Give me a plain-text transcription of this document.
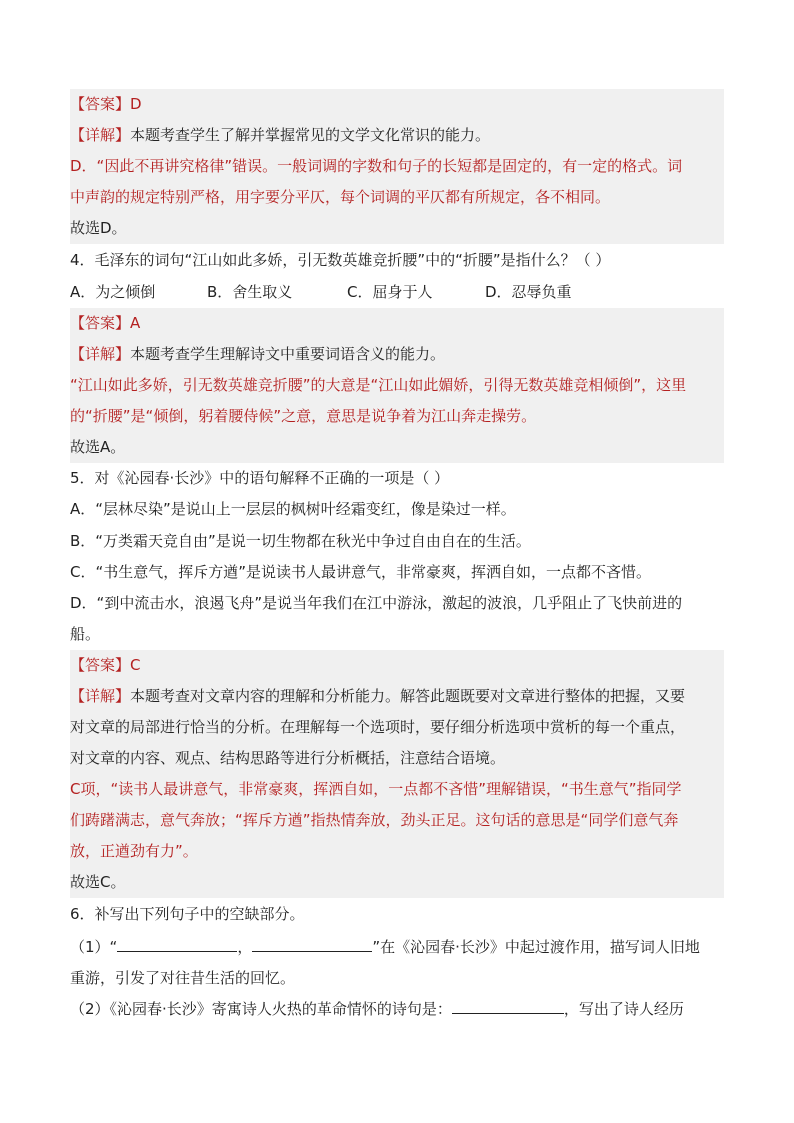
【答案】D
【详解】本题考查学生了解并掌握常见的文学文化常识的能力。
D．“因此不再讲究格律”错误。一般词调的字数和句子的长短都是固定的，有一定的格式。词
中声韵的规定特别严格，用字要分平仄，每个词调的平仄都有所规定，各不相同。
故选D。
4．毛泽东的词句“江山如此多娇，引无数英雄竞折腰”中的“折腰”是指什么？（ ）
A．为之倾倒	B．舍生取义	C．屈身于人	D．忍辱负重
【答案】A
【详解】本题考查学生理解诗文中重要词语含义的能力。
“江山如此多娇，引无数英雄竞折腰”的大意是“江山如此媚娇，引得无数英雄竞相倾倒”，这里
的“折腰”是“倾倒，躬着腰侍候”之意，意思是说争着为江山奔走操劳。
故选A。
5．对《沁园春·长沙》中的语句解释不正确的一项是（ ）
A．“层林尽染”是说山上一层层的枫树叶经霜变红，像是染过一样。
B．“万类霜天竞自由”是说一切生物都在秋光中争过自由自在的生活。
C．“书生意气，挥斥方遒”是说读书人最讲意气，非常豪爽，挥洒自如，一点都不吝惜。
D．“到中流击水，浪遏飞舟”是说当年我们在江中游泳，激起的波浪，几乎阻止了飞快前进的
船。
【答案】C
【详解】本题考查对文章内容的理解和分析能力。解答此题既要对文章进行整体的把握，又要
对文章的局部进行恰当的分析。在理解每一个选项时，要仔细分析选项中赏析的每一个重点，
对文章的内容、观点、结构思路等进行分析概括，注意结合语境。
C项，“读书人最讲意气，非常豪爽，挥洒自如，一点都不吝惜”理解错误，“书生意气”指同学
们踌躇满志，意气奔放；“挥斥方遒”指热情奔放，劲头正足。这句话的意思是“同学们意气奔
放，正遒劲有力”。
故选C。
6．补写出下列句子中的空缺部分。
（1）“	，	”在《沁园春·长沙》中起过渡作用，描写词人旧地
重游，引发了对往昔生活的回忆。
（2）《沁园春·长沙》寄寓诗人火热的革命情怀的诗句是：	，写出了诗人经历
